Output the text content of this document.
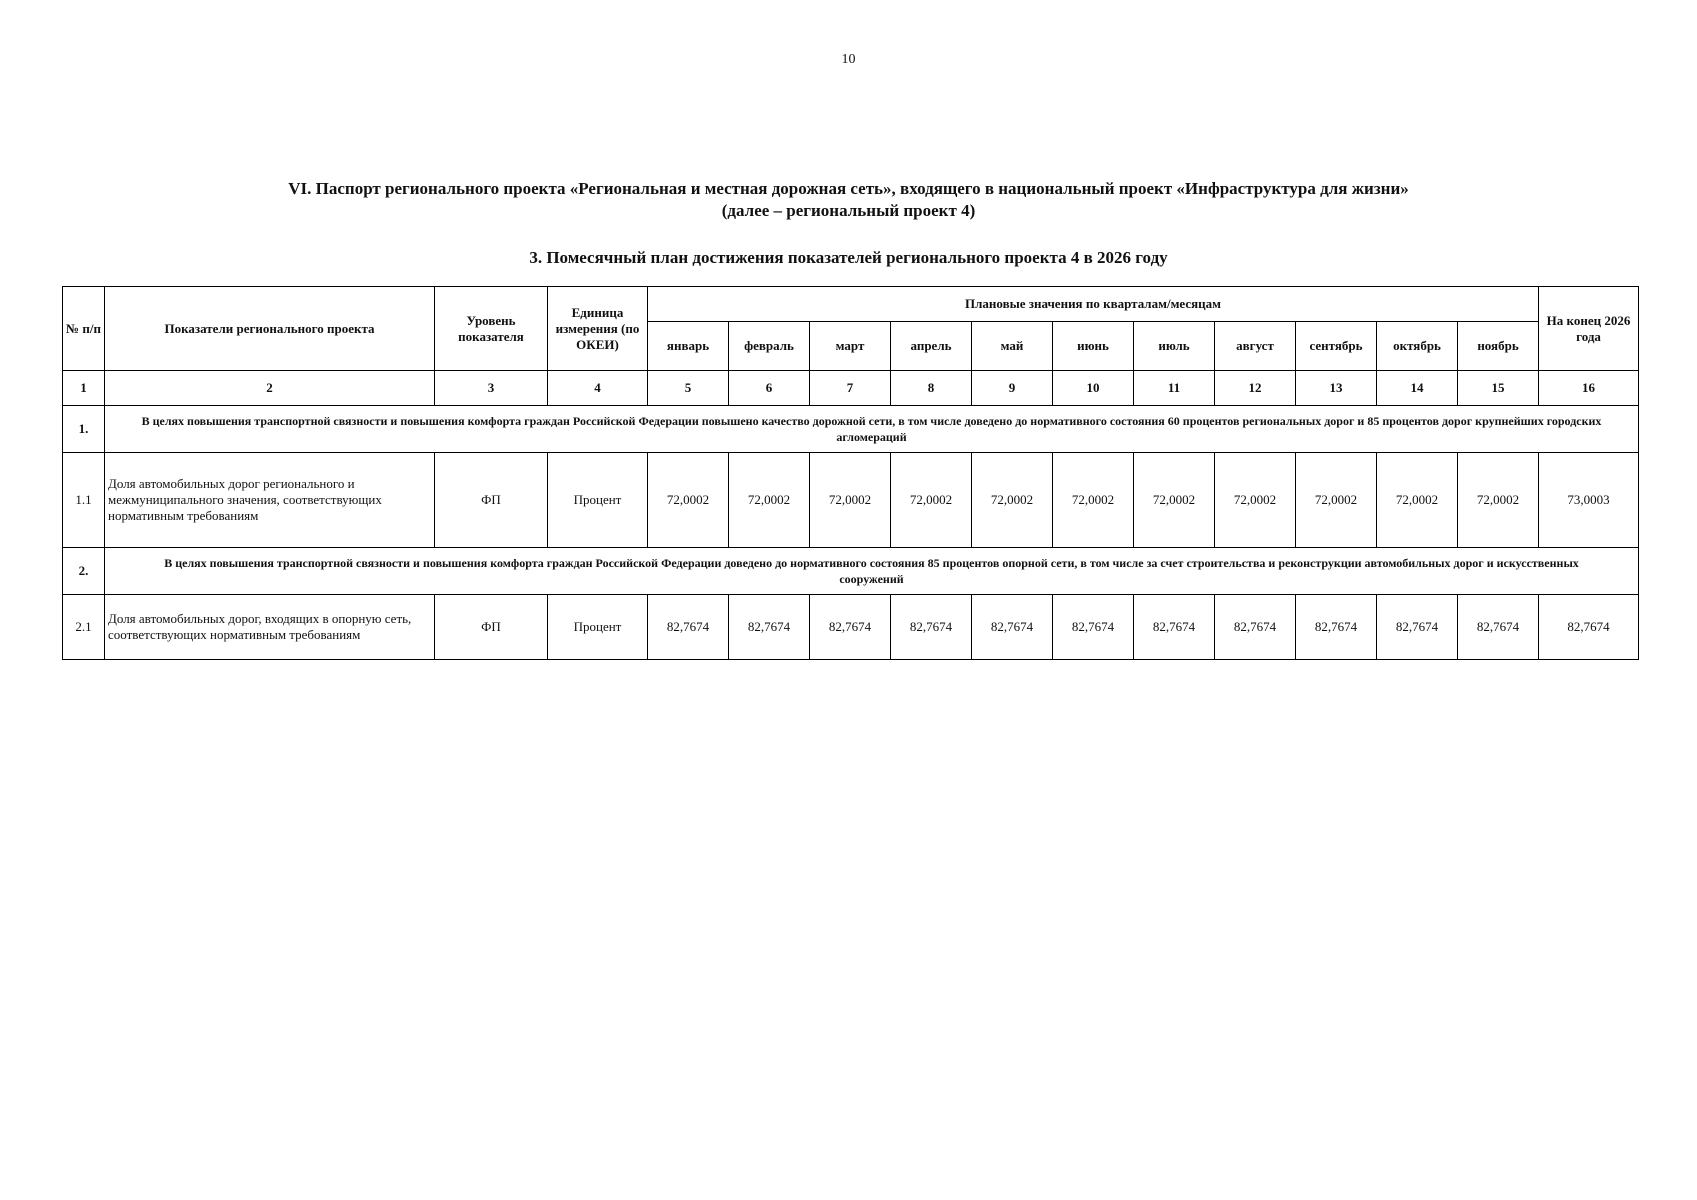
10
VI. Паспорт регионального проекта «Региональная и местная дорожная сеть», входящего в национальный проект «Инфраструктура для жизни»
(далее – региональный проект 4)
3. Помесячный план достижения показателей регионального проекта 4 в 2026 году
№ п/п	Показатели регионального проекта	Уровень показателя	Единица измерения (по ОКЕИ)	Плановые значения по кварталам/месяцам											На конец 2026 года
				январь	февраль	март	апрель	май	июнь	июль	август	сентябрь	октябрь	ноябрь	
1	2	3	4	5	6	7	8	9	10	11	12	13	14	15	16
1.	В целях повышения транспортной связности и повышения комфорта граждан Российской Федерации повышено качество дорожной сети, в том числе доведено до нормативного состояния 60 процентов региональных дорог и 85 процентов дорог крупнейших городских агломераций														
1.1	Доля автомобильных дорог регионального и межмуниципального значения, соответствующих нормативным требованиям	ФП	Процент	72,0002	72,0002	72,0002	72,0002	72,0002	72,0002	72,0002	72,0002	72,0002	72,0002	72,0002	73,0003
2.	В целях повышения транспортной связности и повышения комфорта граждан Российской Федерации доведено до нормативного состояния 85 процентов опорной сети, в том числе за счет строительства и реконструкции автомобильных дорог и искусственных сооружений														
2.1	Доля автомобильных дорог, входящих в опорную сеть, соответствующих нормативным требованиям	ФП	Процент	82,7674	82,7674	82,7674	82,7674	82,7674	82,7674	82,7674	82,7674	82,7674	82,7674	82,7674	82,7674
